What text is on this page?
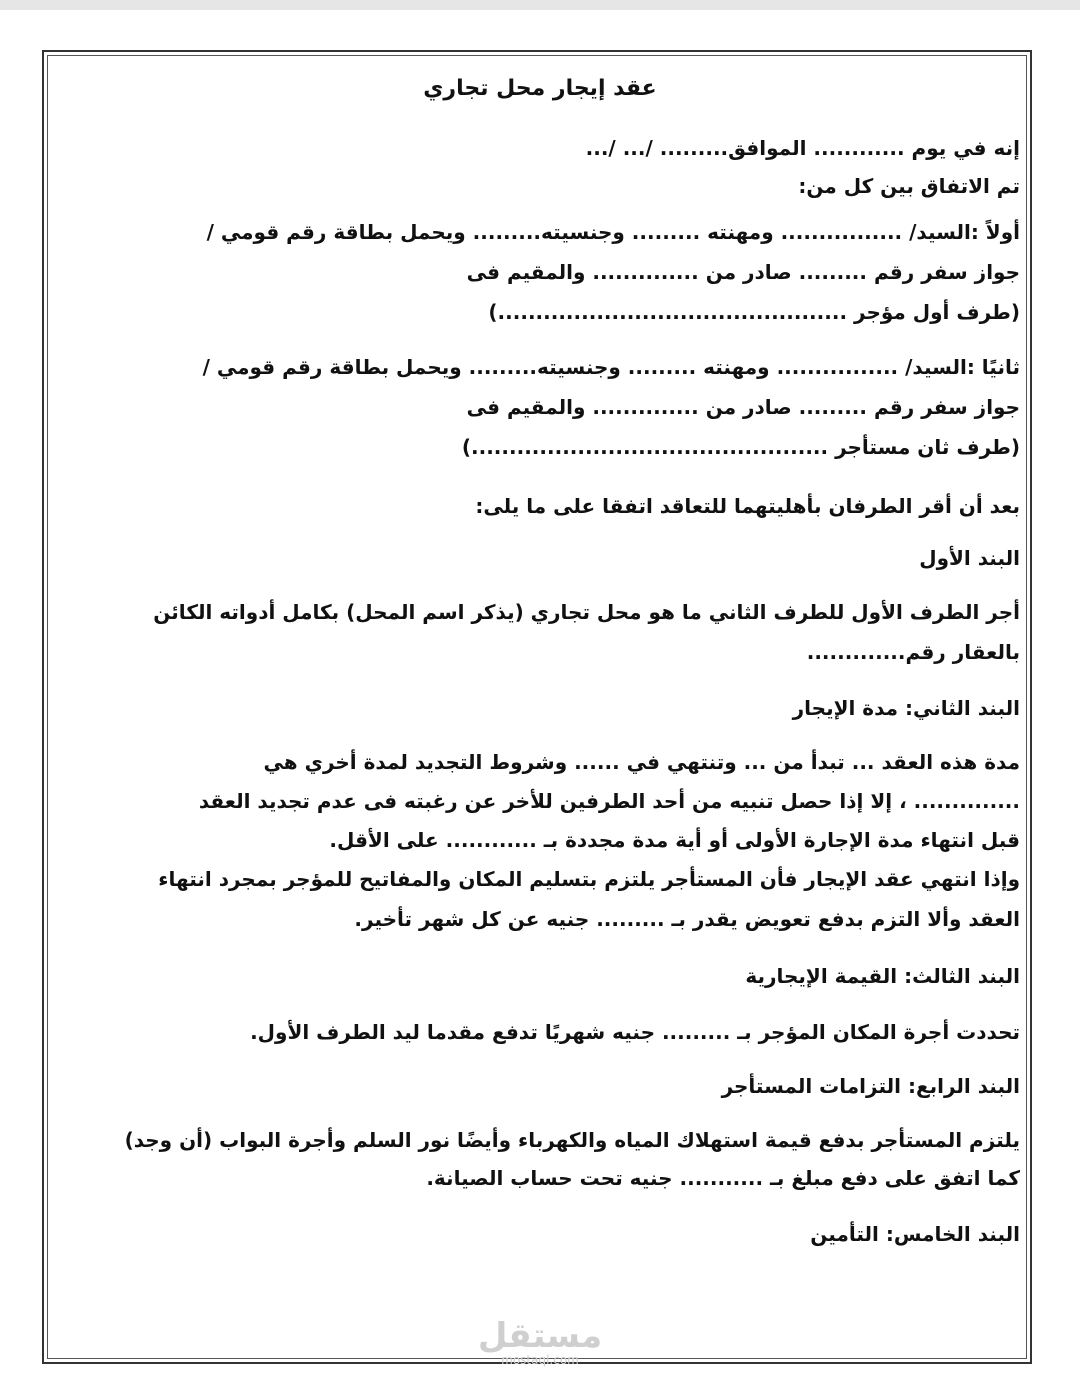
عقد إيجار محل تجاري
إنه في يوم ............ الموافق......... /... /...
تم الاتفاق بين كل من:
أولاً :السيد/ ................ ومهنته ......... وجنسيته......... ويحمل بطاقة رقم قومي /
جواز سفر رقم ......... صادر من .............. والمقيم فى
(طرف أول مؤجر ..............................................)
ثانيًا :السيد/ ................ ومهنته ......... وجنسيته......... ويحمل بطاقة رقم قومي /
جواز سفر رقم ......... صادر من .............. والمقيم فى
(طرف ثان مستأجر ...............................................)
بعد أن أقر الطرفان بأهليتهما للتعاقد اتفقا على ما يلى:
البند الأول
أجر الطرف الأول للطرف الثاني ما هو محل تجاري (يذكر اسم المحل) بكامل أدواته الكائن
بالعقار رقم.............
البند الثاني: مدة الإيجار
مدة هذه العقد ... تبدأ من ... وتنتهي في ...... وشروط التجديد لمدة أخري هي
.............. ، إلا إذا حصل تنبيه من أحد الطرفين للأخر عن رغبته فى عدم تجديد العقد
قبل انتهاء مدة الإجارة الأولى أو أية مدة مجددة بـ ............ على الأقل.
وإذا انتهي عقد الإيجار فأن المستأجر يلتزم بتسليم المكان والمفاتيح للمؤجر بمجرد انتهاء
العقد وألا التزم بدفع تعويض يقدر بـ ......... جنيه عن كل شهر تأخير.
البند الثالث: القيمة الإيجارية
تحددت أجرة المكان المؤجر بـ ......... جنيه شهريًا تدفع مقدما ليد الطرف الأول.
البند الرابع: التزامات المستأجر
يلتزم المستأجر بدفع قيمة استهلاك المياه والكهرباء وأيضًا نور السلم وأجرة البواب (أن وجد)
كما اتفق على دفع مبلغ بـ ........... جنيه تحت حساب الصيانة.
البند الخامس: التأمين
مستقل
mostaql.com
